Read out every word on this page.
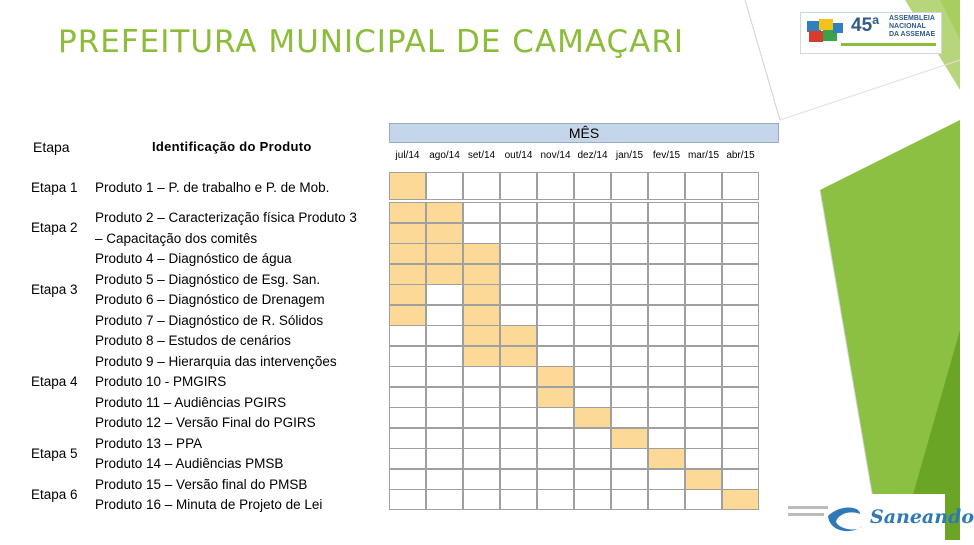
PREFEITURA MUNICIPAL DE CAMAÇARI	45ª ASSEMBLEIA
NACIONAL
DA ASSEMAE
Saneando
Etapa	Identificação do Produto
MÊS
jul/14 ago/14 set/14 out/14 nov/14 dez/14 jan/15 fev/15 mar/15 abr/15
Produto 1 – P. de trabalho e P. de Mob.
Produto 2 – Caracterização física Produto 3
– Capacitação dos comitês
Produto 4 – Diagnóstico de água
Produto 5 – Diagnóstico de Esg. San.
Produto 6 – Diagnóstico de Drenagem
Produto 7 – Diagnóstico de R. Sólidos
Produto 8 – Estudos de cenários
Produto 9 – Hierarquia das intervenções
Produto 10 - PMGIRS
Produto 11 – Audiências PGIRS
Produto 12 – Versão Final do PGIRS
Produto 13 – PPA
Produto 14 – Audiências PMSB
Produto 15 – Versão final do PMSB
Produto 16 – Minuta de Projeto de Lei
Etapa 1
Etapa 2
Etapa 3
Etapa 4
Etapa 5
Etapa 6
